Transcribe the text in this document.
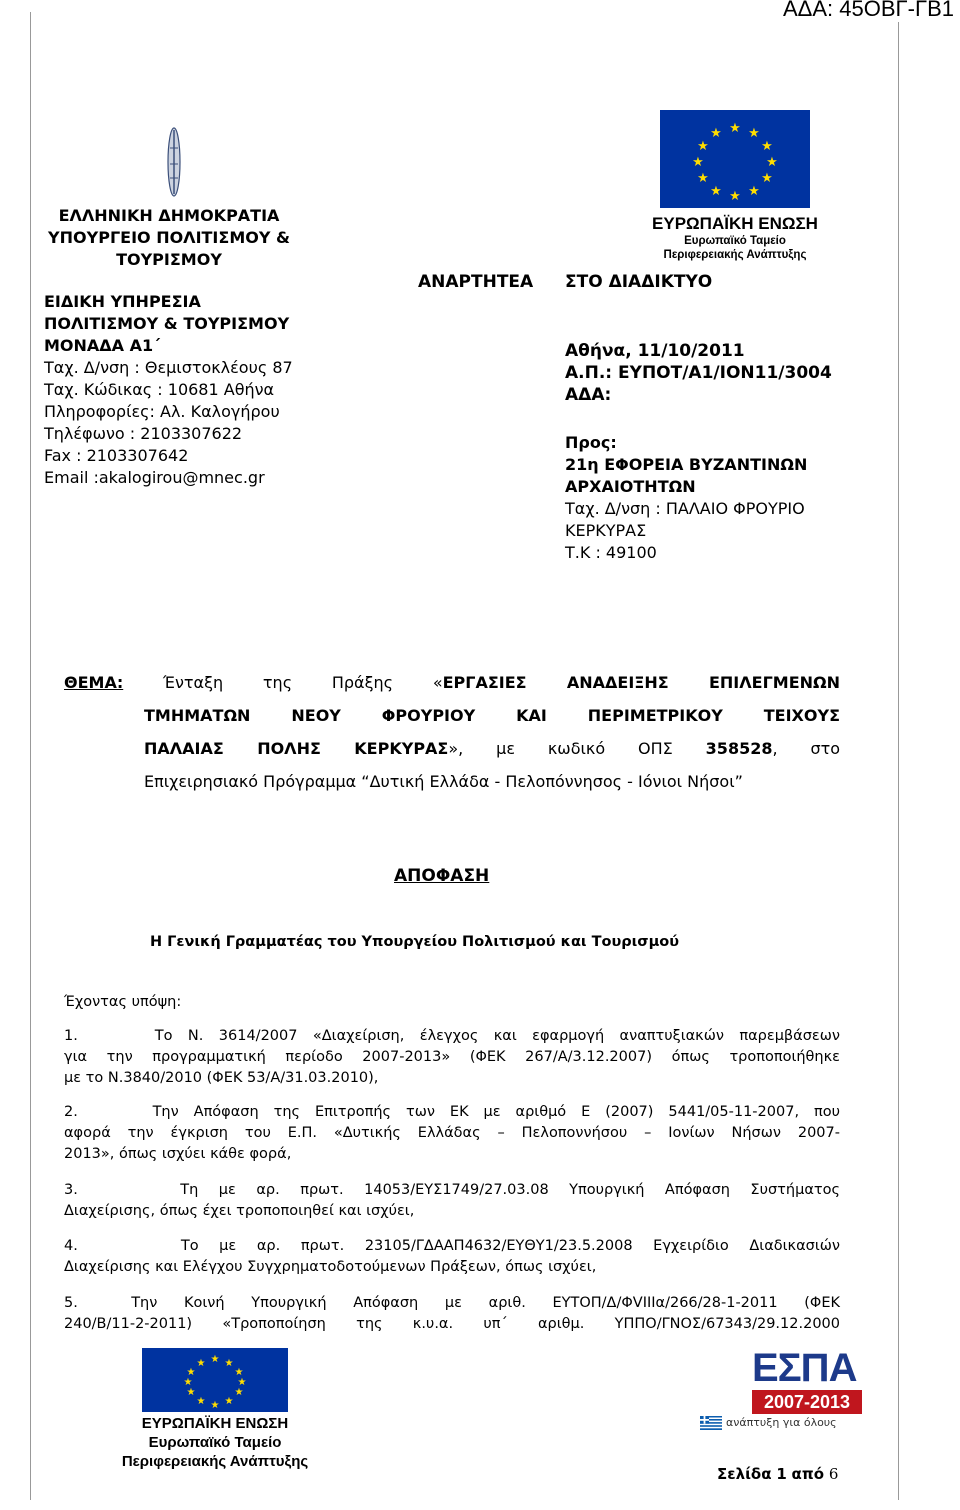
ΑΔΑ: 45ΟΒΓ-ΓΒ1
ΕΛΛΗΝΙΚΗ ΔΗΜΟΚΡΑΤΙΑ
ΥΠΟΥΡΓΕΙΟ ΠΟΛΙΤΙΣΜΟΥ &
ΤΟΥΡΙΣΜΟΥ
ΕΙΔΙΚΗ ΥΠΗΡΕΣΙΑ
ΠΟΛΙΤΙΣΜΟΥ & ΤΟΥΡΙΣΜΟΥ
ΜΟΝΑΔΑ Α1΄
Ταχ. Δ/νση : Θεμιστοκλέους 87
Ταχ. Κώδικας : 10681 Αθήνα
Πληροφορίες: Αλ. Καλογήρου
Τηλέφωνο : 2103307622
Fax : 2103307642
Email :akalogirou@mnec.gr
★ ★
★
★
★
★
★
★
★
★
★
★
ΕΥΡΩΠΑΪΚΗ ΕΝΩΣΗ
Ευρωπαϊκό Ταμείο
Περιφερειακής Ανάπτυξης
ΑΝΑΡΤΗΤΕΑ ΣΤΟ ΔΙΑΔΙΚΤΥΟ
Αθήνα, 11/10/2011
Α.Π.: ΕΥΠΟΤ/Α1/ΙΟΝ11/3004
ΑΔΑ:
Προς:
21η ΕΦΟΡΕΙΑ ΒΥΖΑΝΤΙΝΩΝ
ΑΡΧΑΙΟΤΗΤΩΝ
Ταχ. Δ/νση : ΠΑΛΑΙΟ ΦΡΟΥΡΙΟ
ΚΕΡΚΥΡΑΣ
Τ.Κ : 49100
ΘΕΜΑ: Ένταξη της Πράξης «ΕΡΓΑΣΙΕΣ ΑΝΑΔΕΙΞΗΣ ΕΠΙΛΕΓΜΕΝΩΝ
ΤΜΗΜΑΤΩΝ ΝΕΟΥ ΦΡΟΥΡΙΟΥ ΚΑΙ ΠΕΡΙΜΕΤΡΙΚΟΥ ΤΕΙΧΟΥΣ
ΠΑΛΑΙΑΣ ΠΟΛΗΣ ΚΕΡΚΥΡΑΣ», με κωδικό ΟΠΣ 358528, στο
Επιχειρησιακό Πρόγραμμα “Δυτική Ελλάδα - Πελοπόννησος - Ιόνιοι Νήσοι”
ΑΠΟΦΑΣΗ
Η Γενική Γραμματέας του Υπουργείου Πολιτισμού και Τουρισμού
Έχοντας υπόψη:
1.     Το Ν. 3614/2007 «Διαχείριση, έλεγχος και εφαρμογή αναπτυξιακών παρεμβάσεων
για την προγραμματική περίοδο 2007-2013» (ΦΕΚ 267/Α/3.12.2007) όπως τροποποιήθηκε
με το Ν.3840/2010 (ΦΕΚ 53/Α/31.03.2010),
2.     Την Απόφαση της Επιτροπής των ΕΚ με αριθμό Ε (2007) 5441/05-11-2007, που
αφορά την έγκριση του Ε.Π. «Δυτικής Ελλάδας – Πελοποννήσου – Ιονίων Νήσων 2007-
2013», όπως ισχύει κάθε φορά,
3.     Τη με αρ. πρωτ. 14053/ΕΥΣ1749/27.03.08 Υπουργική Απόφαση Συστήματος
Διαχείρισης, όπως έχει τροποποιηθεί και ισχύει,
4.     Το με αρ. πρωτ. 23105/ΓΔΑΑΠ4632/ΕΥΘΥ1/23.5.2008 Εγχειρίδιο Διαδικασιών
Διαχείρισης και Ελέγχου Συγχρηματοδοτούμενων Πράξεων, όπως ισχύει,
5.  Την Κοινή Υπουργική Απόφαση με αριθ. ΕΥΤΟΠ/Δ/ΦVIIIα/266/28-1-2011 (ΦΕΚ
240/Β/11-2-2011) «Τροποποίηση της κ.υ.α. υπ΄ αριθμ. ΥΠΠΟ/ΓΝΟΣ/67343/29.12.2000
★ ★
★
★
★
★
★
★
★
★
★
★
ΕΥΡΩΠΑΪΚΗ ΕΝΩΣΗ
Ευρωπαϊκό Ταμείο
Περιφερειακής Ανάπτυξης
ΕΣΠΑ
2007-2013
ανάπτυξη για όλους
Σελίδα 1 από 6
